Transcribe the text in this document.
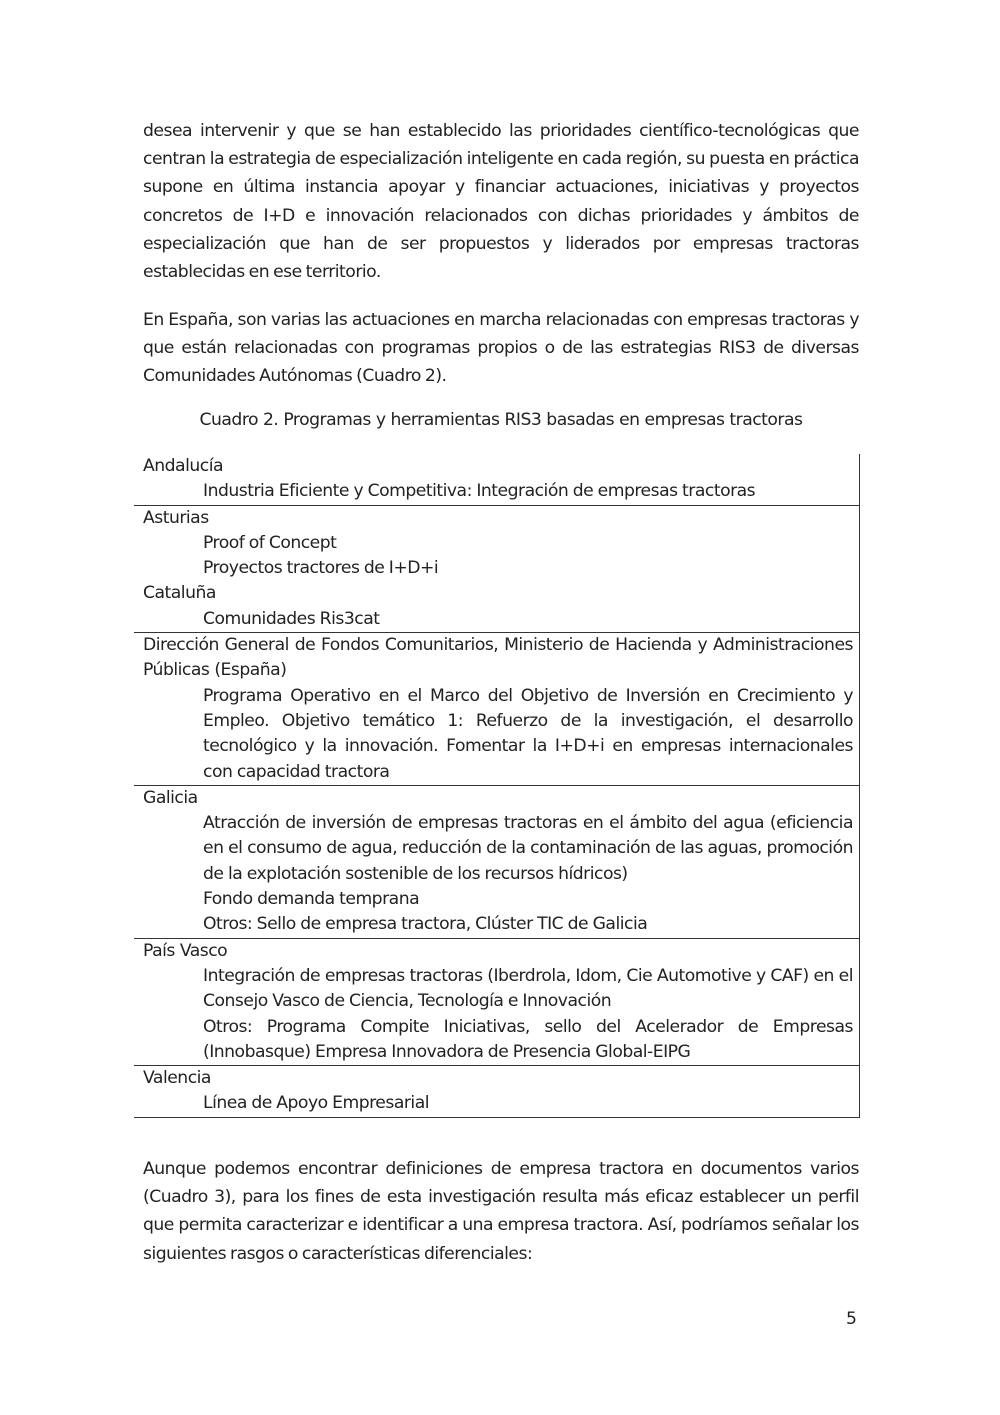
desea intervenir y que se han establecido las prioridades científico-tecnológicas que centran la estrategia de especialización inteligente en cada región, su puesta en práctica supone en última instancia apoyar y financiar actuaciones, iniciativas y proyectos concretos de I+D e innovación relacionados con dichas prioridades y ámbitos de especialización que han de ser propuestos y liderados por empresas tractoras establecidas en ese territorio.

En España, son varias las actuaciones en marcha relacionadas con empresas tractoras y que están relacionadas con programas propios o de las estrategias RIS3 de diversas Comunidades Autónomas (Cuadro 2).

Cuadro 2. Programas y herramientas RIS3 basadas en empresas tractoras

Andalucía
Industria Eficiente y Competitiva: Integración de empresas tractoras
Asturias
Proof of Concept
Proyectos tractores de I+D+i
Cataluña
Comunidades Ris3cat
Dirección General de Fondos Comunitarios, Ministerio de Hacienda y Administraciones Públicas (España)
Programa Operativo en el Marco del Objetivo de Inversión en Crecimiento y Empleo. Objetivo temático 1: Refuerzo de la investigación, el desarrollo tecnológico y la innovación. Fomentar la I+D+i en empresas internacionales con capacidad tractora
Galicia
Atracción de inversión de empresas tractoras en el ámbito del agua (eficiencia en el consumo de agua, reducción de la contaminación de las aguas, promoción de la explotación sostenible de los recursos hídricos)
Fondo demanda temprana
Otros: Sello de empresa tractora, Clúster TIC de Galicia
País Vasco
Integración de empresas tractoras (Iberdrola, Idom, Cie Automotive y CAF) en el Consejo Vasco de Ciencia, Tecnología e Innovación
Otros: Programa Compite Iniciativas, sello del Acelerador de Empresas (Innobasque) Empresa Innovadora de Presencia Global-EIPG
Valencia
Línea de Apoyo Empresarial

Aunque podemos encontrar definiciones de empresa tractora en documentos varios (Cuadro 3), para los fines de esta investigación resulta más eficaz establecer un perfil que permita caracterizar e identificar a una empresa tractora. Así, podríamos señalar los siguientes rasgos o características diferenciales:

5
